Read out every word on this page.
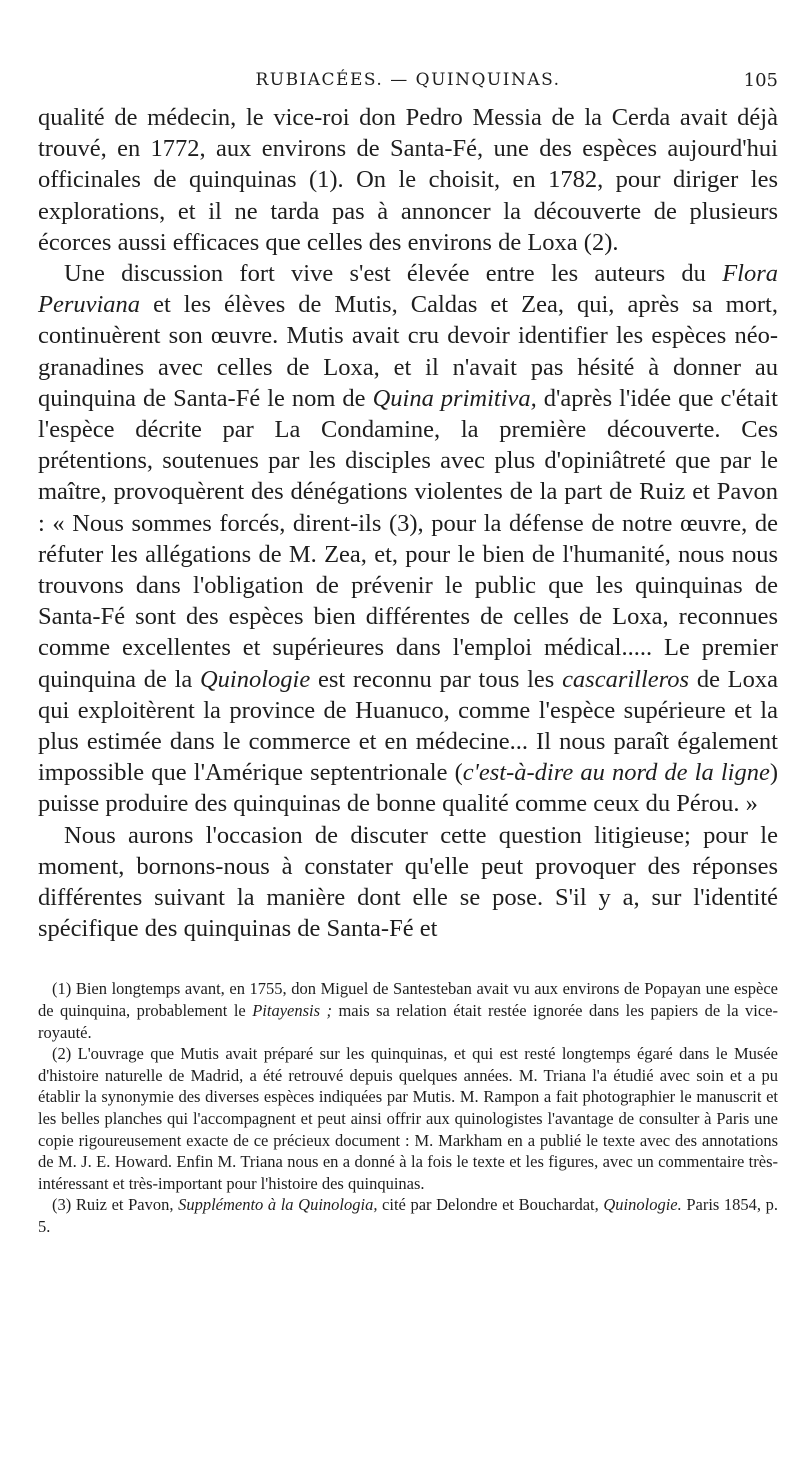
RUBIACÉES. — QUINQUINAS.	105

qualité de médecin, le vice-roi don Pedro Messia de la Cerda avait déjà trouvé, en 1772, aux environs de Santa-Fé, une des espèces aujourd'hui officinales de quinquinas (1). On le choisit, en 1782, pour diriger les explorations, et il ne tarda pas à annoncer la découverte de plusieurs écorces aussi efficaces que celles des environs de Loxa (2).

Une discussion fort vive s'est élevée entre les auteurs du Flora Peruviana et les élèves de Mutis, Caldas et Zea, qui, après sa mort, continuèrent son œuvre. Mutis avait cru devoir identifier les espèces néo-granadines avec celles de Loxa, et il n'avait pas hésité à donner au quinquina de Santa-Fé le nom de Quina primitiva, d'après l'idée que c'était l'espèce décrite par La Condamine, la première découverte. Ces prétentions, soutenues par les disciples avec plus d'opiniâtreté que par le maître, provoquèrent des dénégations violentes de la part de Ruiz et Pavon : « Nous sommes forcés, dirent-ils (3), pour la défense de notre œuvre, de réfuter les allégations de M. Zea, et, pour le bien de l'humanité, nous nous trouvons dans l'obligation de prévenir le public que les quinquinas de Santa-Fé sont des espèces bien différentes de celles de Loxa, reconnues comme excellentes et supérieures dans l'emploi médical..... Le premier quinquina de la Quinologie est reconnu par tous les cascarilleros de Loxa qui exploitèrent la province de Huanuco, comme l'espèce supérieure et la plus estimée dans le commerce et en médecine... Il nous paraît également impossible que l'Amérique septentrionale (c'est-à-dire au nord de la ligne) puisse produire des quinquinas de bonne qualité comme ceux du Pérou. »

Nous aurons l'occasion de discuter cette question litigieuse; pour le moment, bornons-nous à constater qu'elle peut provoquer des réponses différentes suivant la manière dont elle se pose. S'il y a, sur l'identité spécifique des quinquinas de Santa-Fé et

(1) Bien longtemps avant, en 1755, don Miguel de Santesteban avait vu aux environs de Popayan une espèce de quinquina, probablement le Pitayensis ; mais sa relation était restée ignorée dans les papiers de la vice-royauté.

(2) L'ouvrage que Mutis avait préparé sur les quinquinas, et qui est resté longtemps égaré dans le Musée d'histoire naturelle de Madrid, a été retrouvé depuis quelques années. M. Triana l'a étudié avec soin et a pu établir la synonymie des diverses espèces indiquées par Mutis. M. Rampon a fait photographier le manuscrit et les belles planches qui l'accompagnent et peut ainsi offrir aux quinologistes l'avantage de consulter à Paris une copie rigoureusement exacte de ce précieux document : M. Markham en a publié le texte avec des annotations de M. J. E. Howard. Enfin M. Triana nous en a donné à la fois le texte et les figures, avec un commentaire très-intéressant et très-important pour l'histoire des quinquinas.

(3) Ruiz et Pavon, Supplémento à la Quinologia, cité par Delondre et Bouchardat, Quinologie. Paris 1854, p. 5.
